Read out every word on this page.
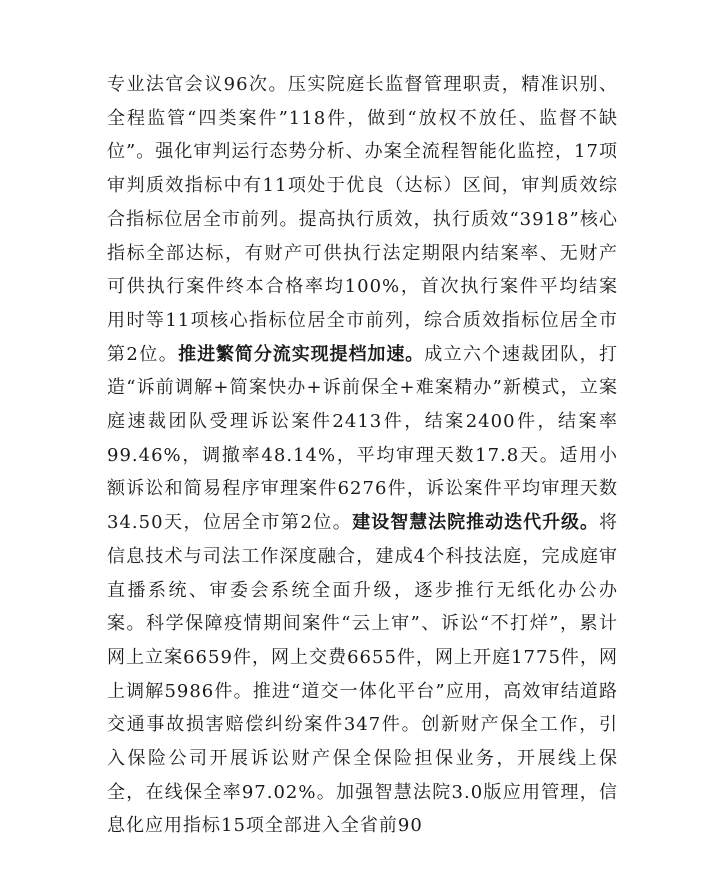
专业法官会议96次。压实院庭长监督管理职责，精准识别、全程监管“四类案件”118件，做到“放权不放任、监督不缺位”。强化审判运行态势分析、办案全流程智能化监控，17项审判质效指标中有11项处于优良（达标）区间，审判质效综合指标位居全市前列。提高执行质效，执行质效“3918”核心指标全部达标，有财产可供执行法定期限内结案率、无财产可供执行案件终本合格率均100%，首次执行案件平均结案用时等11项核心指标位居全市前列，综合质效指标位居全市第2位。推进繁简分流实现提档加速。成立六个速裁团队，打造“诉前调解+简案快办+诉前保全+难案精办”新模式，立案庭速裁团队受理诉讼案件2413件，结案2400件，结案率99.46%，调撤率48.14%，平均审理天数17.8天。适用小额诉讼和简易程序审理案件6276件，诉讼案件平均审理天数34.50天，位居全市第2位。建设智慧法院推动迭代升级。将信息技术与司法工作深度融合，建成4个科技法庭，完成庭审直播系统、审委会系统全面升级，逐步推行无纸化办公办案。科学保障疫情期间案件“云上审”、诉讼“不打烊”，累计网上立案6659件，网上交费6655件，网上开庭1775件，网上调解5986件。推进“道交一体化平台”应用，高效审结道路交通事故损害赔偿纠纷案件347件。创新财产保全工作，引入保险公司开展诉讼财产保全保险担保业务，开展线上保全，在线保全率97.02%。加强智慧法院3.0版应用管理，信息化应用指标15项全部进入全省前90
